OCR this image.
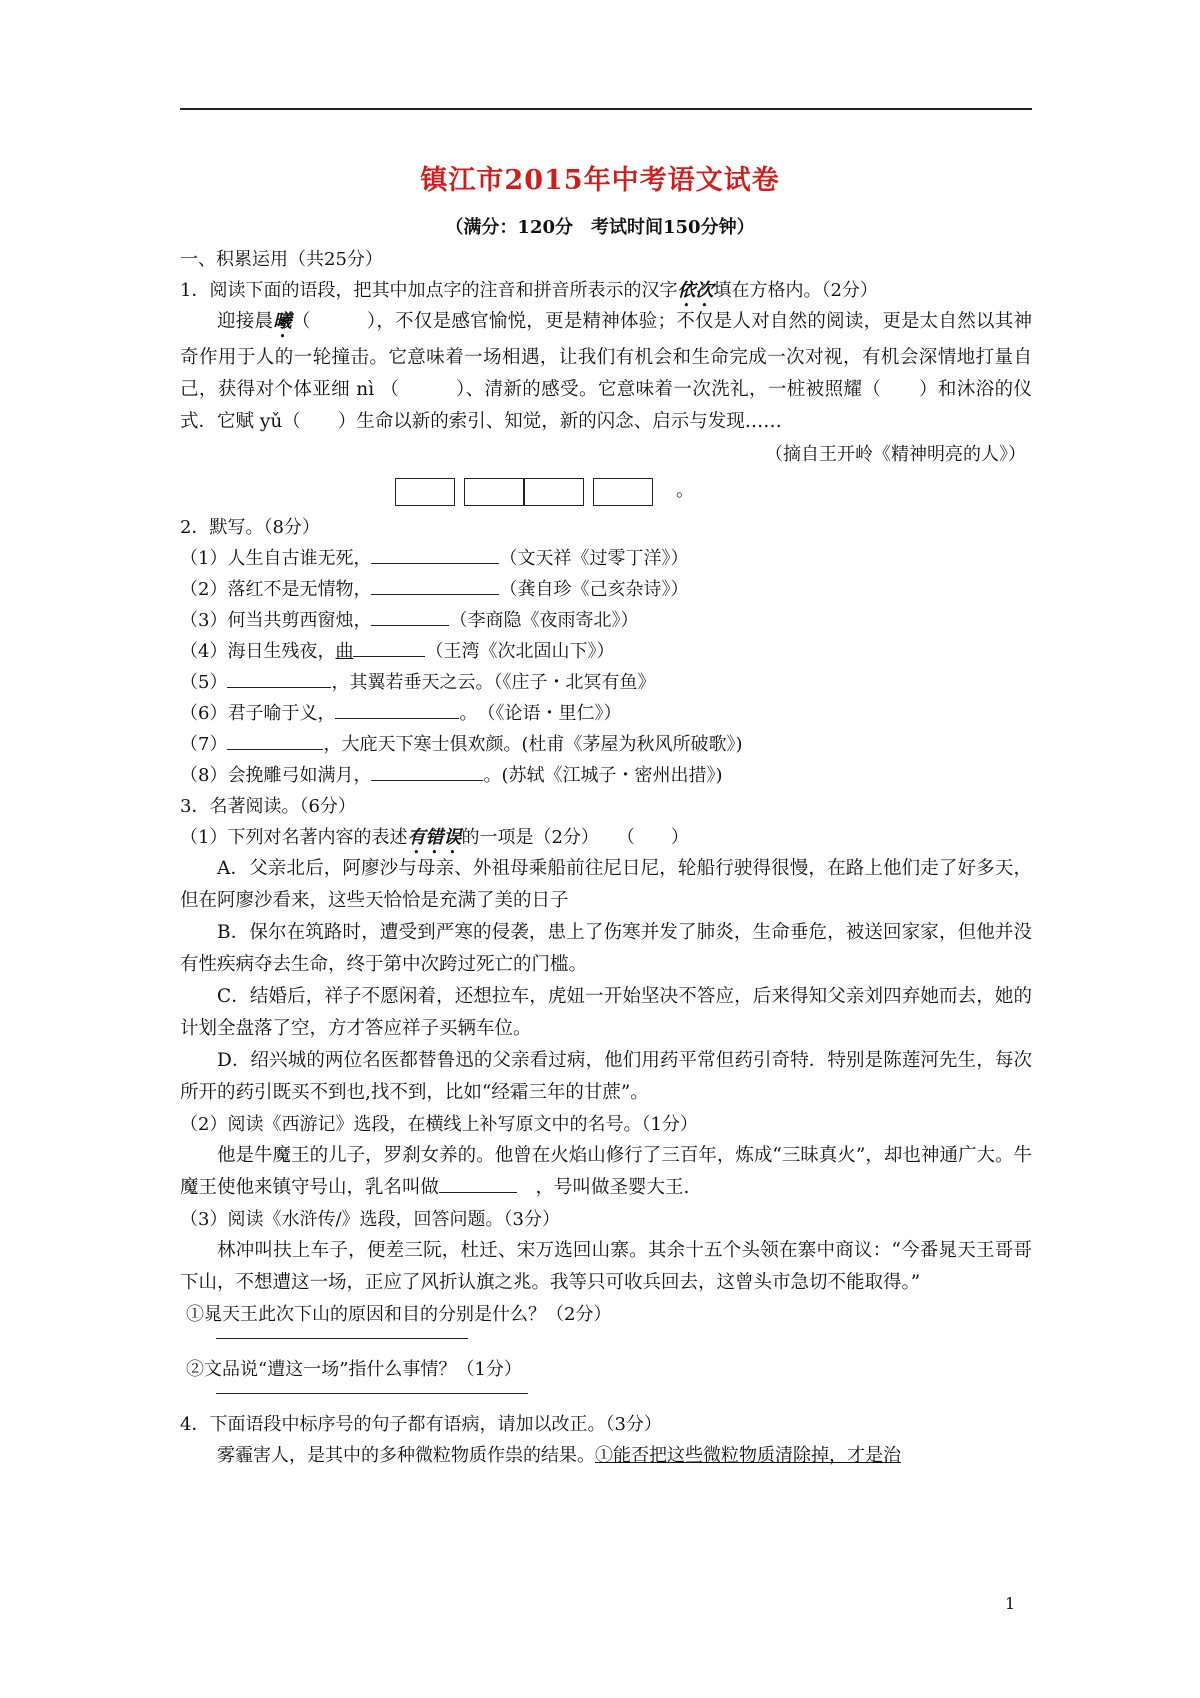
镇江市2015年中考语文试卷
（满分：120分　考试时间150分钟）
一、积累运用（共25分）
1．阅读下面的语段，把其中加点字的注音和拼音所表示的汉字依次填在方格内。（2分）
迎接晨曦（　　　），不仅是感官愉悦，更是精神体验；不仅是人对自然的阅读，更是太自然以其神奇作用于人的一轮撞击。它意味着一场相遇，让我们有机会和生命完成一次对视，有机会深情地打量自己，获得对个体亚细 nì （　　　）、清新的感受。它意味着一次洗礼，一桩被照耀（　　）和沐浴的仪式．它赋 yǔ（　　）生命以新的索引、知觉，新的闪念、启示与发现……
（摘自王开岭《精神明亮的人》）
。
2．默写。（8分）
（1）人生自古谁无死，	（文天祥《过零丁洋》）
（2）落红不是无情物，	（龚自珍《己亥杂诗》）
（3）何当共剪西窗烛，	（李商隐《夜雨寄北》）
（4）海日生残夜，曲	（王湾《次北固山下》）
（5）	，其翼若垂天之云。（《庄子・北冥有鱼》
（6）君子喻于义，	。　（《论语・里仁》）
（7）	，大庇天下寒士俱欢颜。(杜甫《茅屋为秋风所破歌》)
（8）会挽雕弓如满月，	。(苏轼《江城子・密州出措》)
3．名著阅读。（6分）
（1）下列对名著内容的表述有错误的一项是（2分）　　（　　）
A．父亲北后，阿廖沙与母亲、外祖母乘船前往尼日尼，轮船行驶得很慢，在路上他们走了好多天，但在阿廖沙看来，这些天恰恰是充满了美的日子
B．保尔在筑路时，遭受到严寒的侵袭，患上了伤寒并发了肺炎，生命垂危，被送回家家，但他并没有性疾病夺去生命，终于第中次跨过死亡的门槛。
C．结婚后，祥子不愿闲着，还想拉车，虎妞一开始坚决不答应，后来得知父亲刘四弃她而去，她的计划全盘落了空，方才答应祥子买辆车位。
D．绍兴城的两位名医都替鲁迅的父亲看过病，他们用药平常但药引奇特．特别是陈莲河先生，每次所开的药引既买不到也,找不到，比如“经霜三年的甘蔗”。
（2）阅读《西游记》选段，在横线上补写原文中的名号。（1分）
他是牛魔王的儿子，罗刹女养的。他曾在火焰山修行了三百年，炼成“三昧真火”，却也神通广大。牛魔王使他来镇守号山，乳名叫做	　，号叫做圣婴大王.
（3）阅读《水浒传/》选段，回答问题。（3分）
林冲叫扶上车子，便差三阮，杜迁、宋万选回山寨。其余十五个头领在寨中商议：“今番晁天王哥哥下山，不想遭这一场，正应了风折认旗之兆。我等只可收兵回去，这曾头市急切不能取得。”
①晁天王此次下山的原因和目的分别是什么？（2分）
②文品说“遭这一场”指什么事情？（1分）
4．下面语段中标序号的句子都有语病，请加以改正。（3分）
雾霾害人，是其中的多种微粒物质作祟的结果。①能否把这些微粒物质清除掉，才是治
1
